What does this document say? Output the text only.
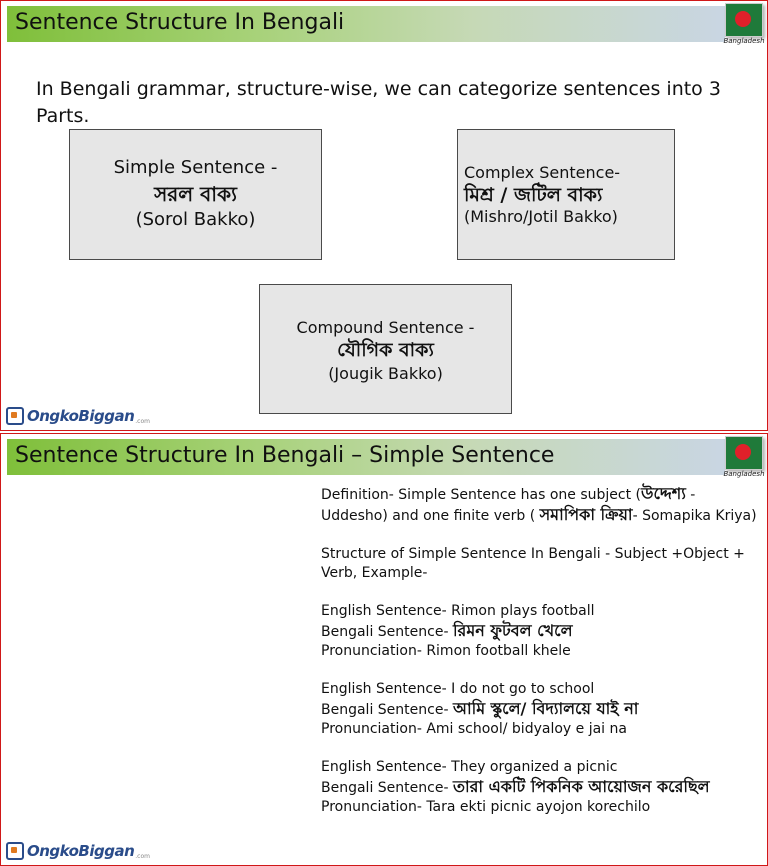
Sentence Structure In Bengali
Bangladesh
In Bengali grammar, structure-wise, we can categorize sentences into 3 Parts.
Simple Sentence -
সরল বাক্য
(Sorol Bakko)
Complex Sentence-
মিশ্র / জটিল বাক্য
(Mishro/Jotil Bakko)
Compound Sentence -
যৌগিক বাক্য
(Jougik Bakko)
OngkoBiggan .com
Sentence Structure In Bengali – Simple Sentence
Bangladesh

Definition- Simple Sentence has one subject (উদ্দেশ্য - Uddesho) and one finite verb ( সমাপিকা ক্রিয়া- Somapika Kriya)

Structure of Simple Sentence In Bengali - Subject +Object + Verb, Example-

English Sentence- Rimon plays football

Bengali Sentence- রিমন ফুটবল খেলে

Pronunciation- Rimon football khele

English Sentence- I do not go to school

Bengali Sentence- আমি স্কুলে/ বিদ্যালয়ে যাই না

Pronunciation- Ami school/ bidyaloy e jai na

English Sentence- They organized a picnic

Bengali Sentence- তারা একটি পিকনিক আয়োজন করেছিল

Pronunciation- Tara ekti picnic ayojon korechilo

OngkoBiggan .com
